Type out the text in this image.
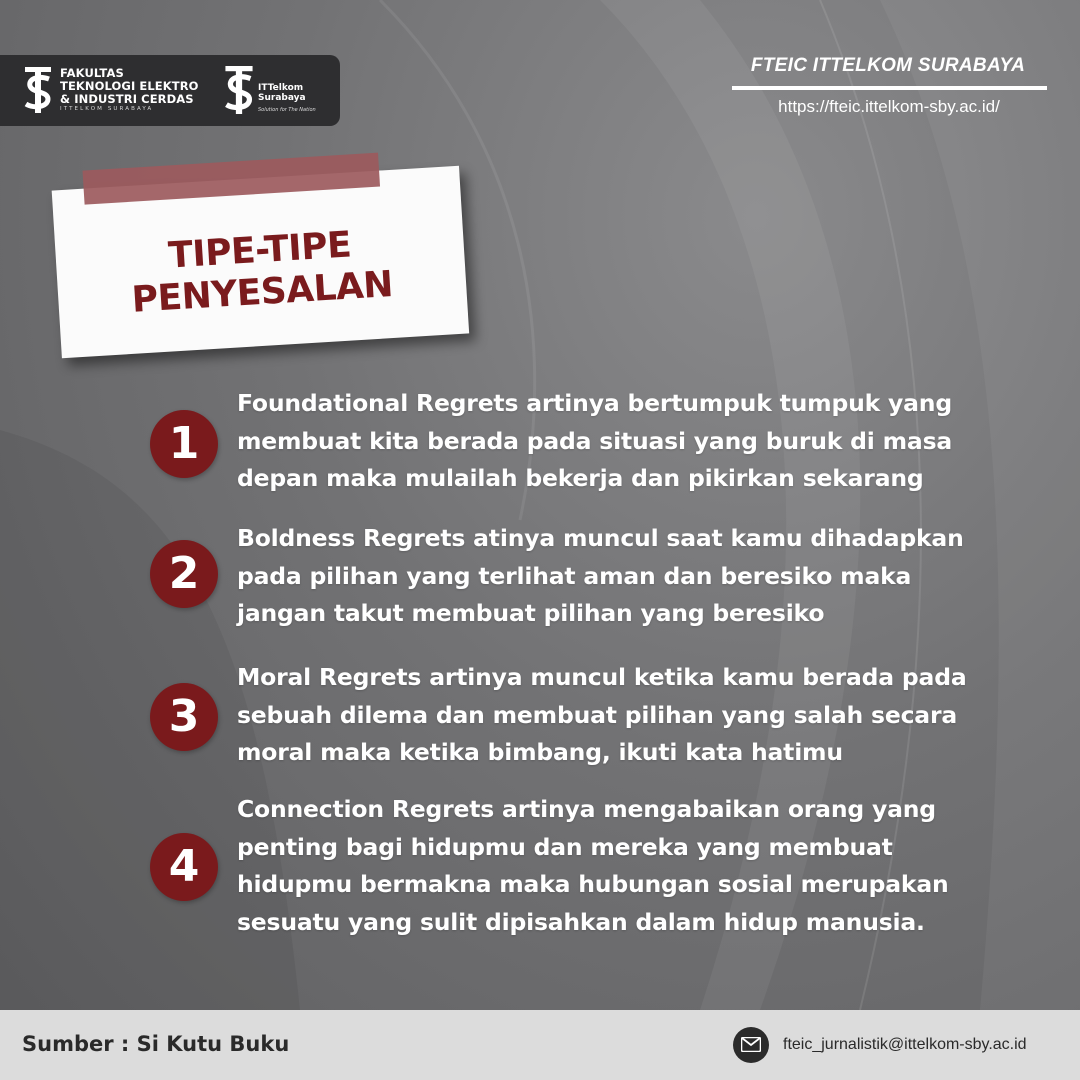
FAKULTAS
TEKNOLOGI ELEKTRO
& INDUSTRI CERDAS
ITTELKOM SURABAYA
ITTelkom
Surabaya
Solution for The Nation
FTEIC ITTELKOM SURABAYA
https://fteic.ittelkom-sby.ac.id/
TIPE-TIPE
PENYESALAN
1
Foundational Regrets artinya bertumpuk tumpuk yang
membuat kita berada pada situasi yang buruk di masa
depan maka mulailah bekerja dan pikirkan sekarang
2
Boldness Regrets atinya muncul saat kamu dihadapkan
pada pilihan yang terlihat aman dan beresiko maka
jangan takut membuat pilihan yang beresiko
3
Moral Regrets artinya muncul ketika kamu berada pada
sebuah dilema dan membuat pilihan yang salah secara
moral maka ketika bimbang, ikuti kata hatimu
4
Connection Regrets artinya mengabaikan orang yang
penting bagi hidupmu dan mereka yang membuat
hidupmu bermakna maka hubungan sosial merupakan
sesuatu yang sulit dipisahkan dalam hidup manusia.
Sumber : Si Kutu Buku	fteic_jurnalistik@ittelkom-sby.ac.id
